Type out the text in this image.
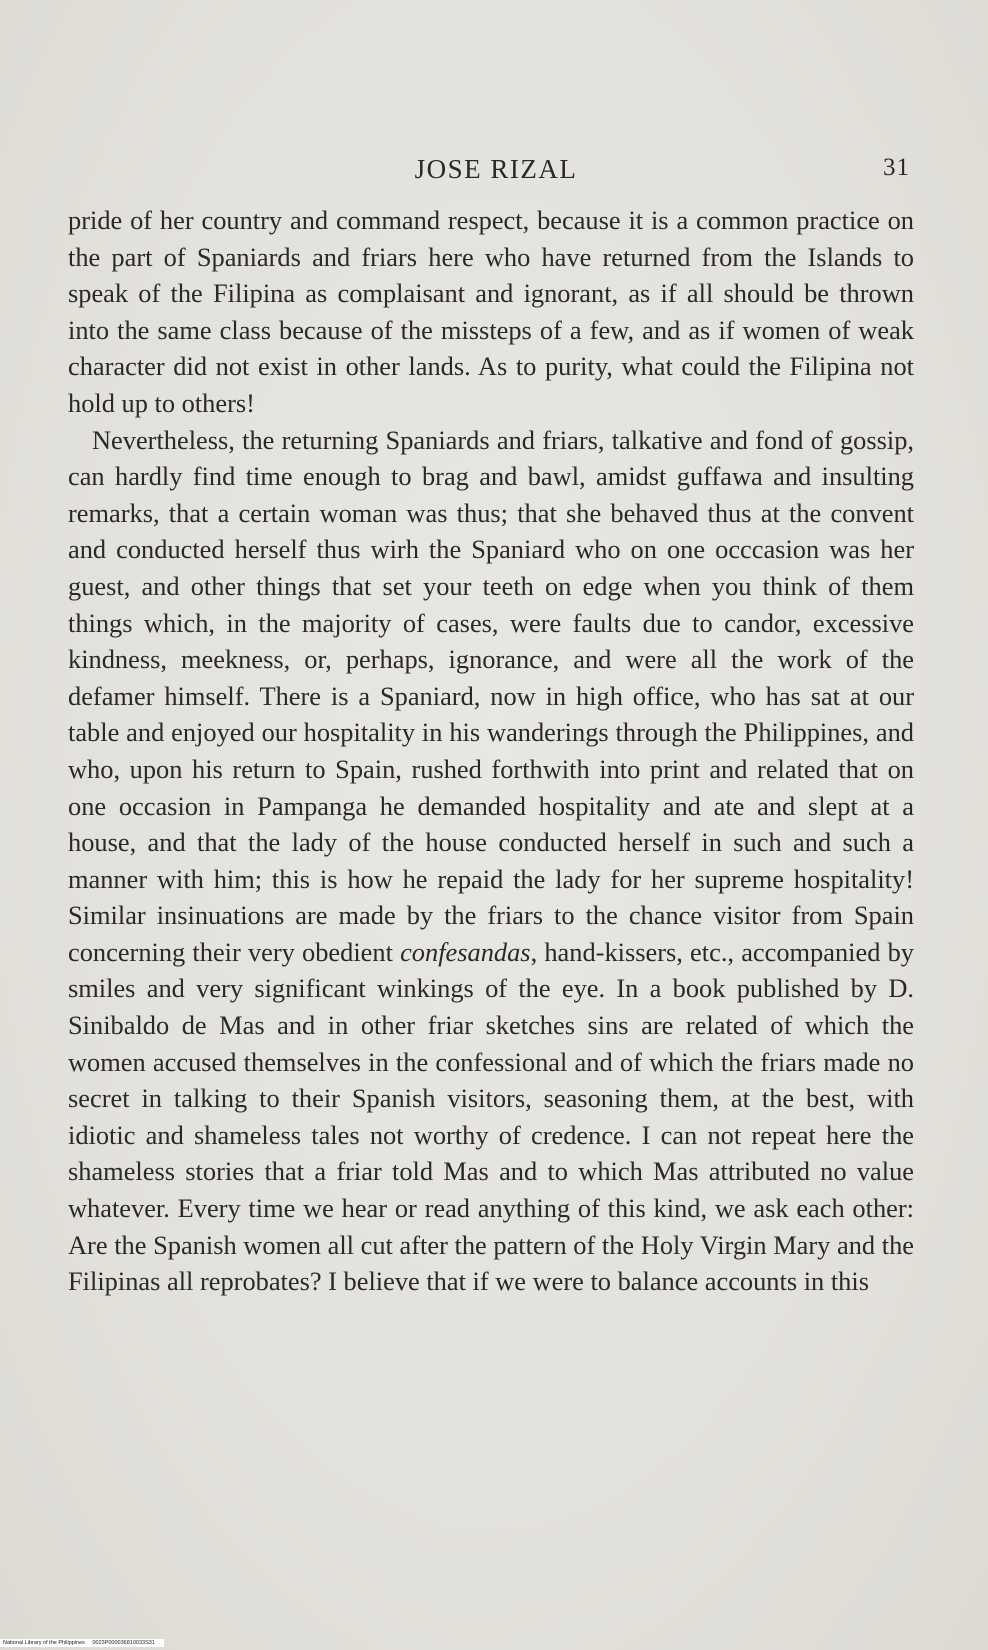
JOSE RIZAL	31

pride of her country and command respect, because it is a common practice on the part of Spaniards and friars here who have returned from the Islands to speak of the Filipina as complaisant and ignorant, as if all should be thrown into the same class because of the missteps of a few, and as if women of weak character did not exist in other lands. As to purity, what could the Filipina not hold up to others!

Nevertheless, the returning Spaniards and friars, talkative and fond of gossip, can hardly find time enough to brag and bawl, amidst guffawa and insulting remarks, that a certain woman was thus; that she behaved thus at the convent and conducted herself thus wirh the Spaniard who on one occcasion was her guest, and other things that set your teeth on edge when you think of them things which, in the majority of cases, were faults due to candor, excessive kindness, meekness, or, perhaps, ignorance, and were all the work of the defamer himself. There is a Spaniard, now in high office, who has sat at our table and enjoyed our hospitality in his wanderings through the Philippines, and who, upon his return to Spain, rushed forthwith into print and related that on one occasion in Pampanga he demanded hospitality and ate and slept at a house, and that the lady of the house conducted herself in such and such a manner with him; this is how he repaid the lady for her supreme hospitality! Similar insinuations are made by the friars to the chance visitor from Spain concerning their very obedient confesandas, hand-kissers, etc., accompanied by smiles and very significant winkings of the eye. In a book published by D. Sinibaldo de Mas and in other friar sketches sins are related of which the women accused themselves in the confessional and of which the friars made no secret in talking to their Spanish visitors, seasoning them, at the best, with idiotic and shameless tales not worthy of credence. I can not repeat here the shameless stories that a friar told Mas and to which Mas attributed no value whatever. Every time we hear or read anything of this kind, we ask each other: Are the Spanish women all cut after the pattern of the Holy Virgin Mary and the Filipinas all reprobates? I believe that if we were to balance accounts in this

National Library of the Philippines 0023P000036810033S31
